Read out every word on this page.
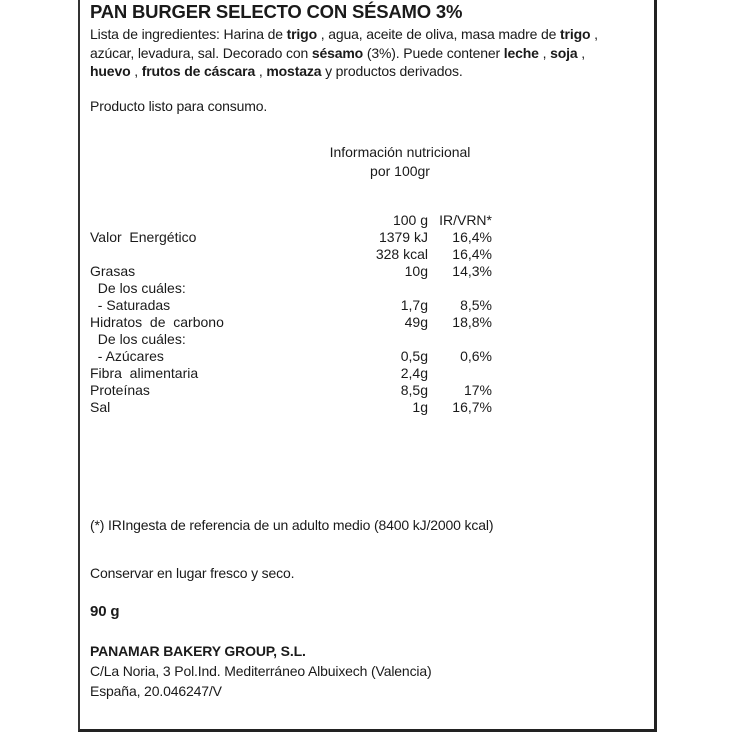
PAN BURGER SELECTO CON SÉSAMO 3%
Lista de ingredientes: Harina de trigo , agua, aceite de oliva, masa madre de trigo , azúcar, levadura, sal. Decorado con sésamo (3%). Puede contener leche , soja , huevo , frutos de cáscara , mostaza y productos derivados.
Producto listo para consumo.
Información nutricional
por 100gr
100 g IR/VRN*
Valor  Energético	1379 kJ 16,4%
328 kcal 16,4%
Grasas	10g 14,3%
De los cuáles:
- Saturadas	1,7g 8,5%
Hidratos  de  carbono	49g 18,8%
De los cuáles:
- Azúcares	0,5g 0,6%
Fibra  alimentaria	2,4g
Proteínas	8,5g	17%
Sal	1g 16,7%
(*) IRIngesta de referencia de un adulto medio (8400 kJ/2000 kcal)
Conservar en lugar fresco y seco.
90 g
PANAMAR BAKERY GROUP, S.L.
C/La Noria, 3 Pol.Ind. Mediterráneo Albuixech (Valencia)
España, 20.046247/V
